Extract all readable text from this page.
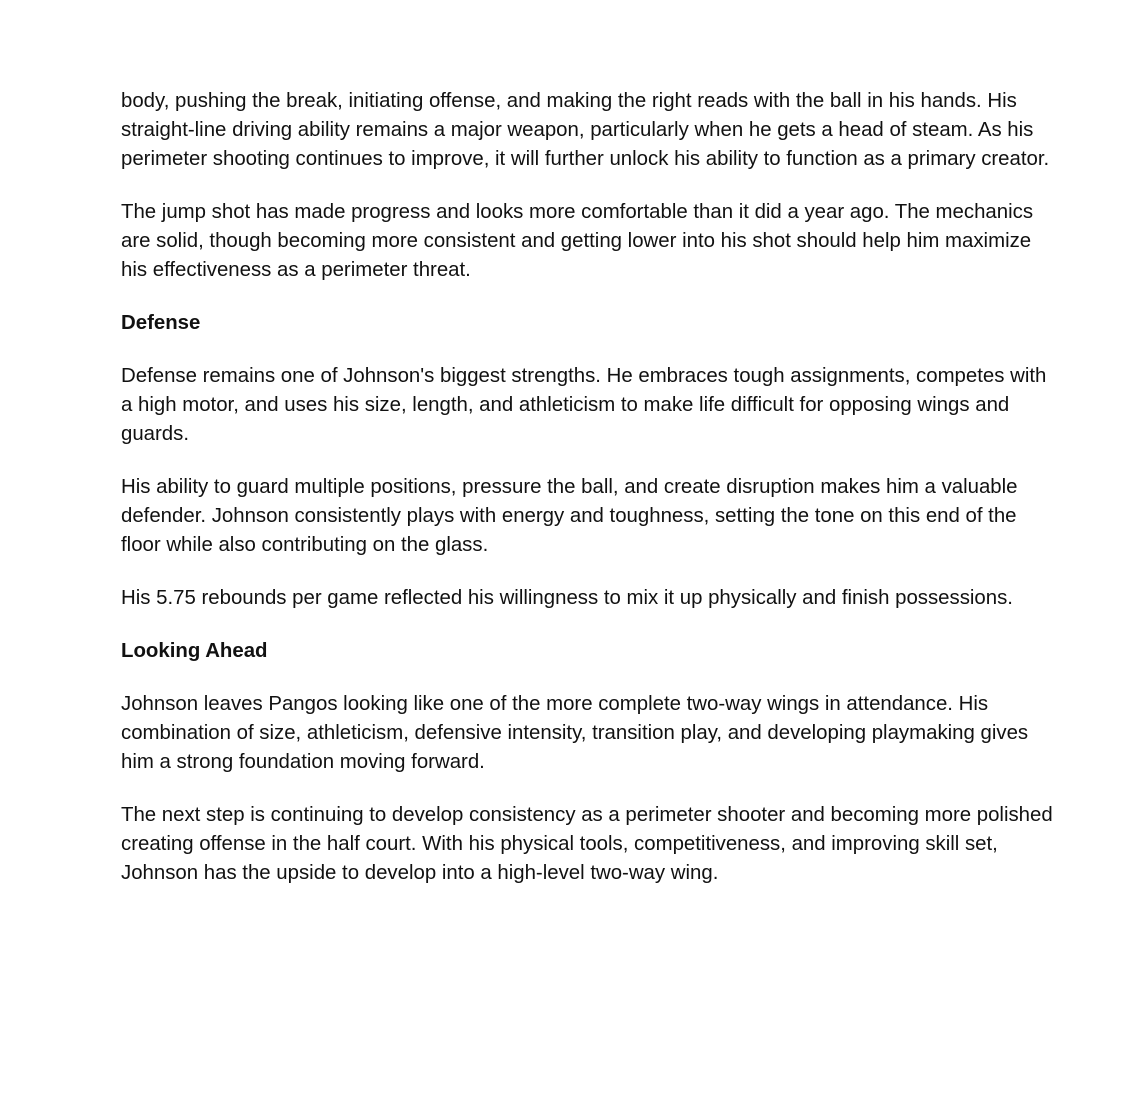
body, pushing the break, initiating offense, and making the right reads with the ball in his hands. His straight-line driving ability remains a major weapon, particularly when he gets a head of steam. As his perimeter shooting continues to improve, it will further unlock his ability to function as a primary creator.

The jump shot has made progress and looks more comfortable than it did a year ago. The mechanics are solid, though becoming more consistent and getting lower into his shot should help him maximize his effectiveness as a perimeter threat.

Defense

Defense remains one of Johnson's biggest strengths. He embraces tough assignments, competes with a high motor, and uses his size, length, and athleticism to make life difficult for opposing wings and guards.

His ability to guard multiple positions, pressure the ball, and create disruption makes him a valuable defender. Johnson consistently plays with energy and toughness, setting the tone on this end of the floor while also contributing on the glass.

His 5.75 rebounds per game reflected his willingness to mix it up physically and finish possessions.

Looking Ahead

Johnson leaves Pangos looking like one of the more complete two-way wings in attendance. His combination of size, athleticism, defensive intensity, transition play, and developing playmaking gives him a strong foundation moving forward.

The next step is continuing to develop consistency as a perimeter shooter and becoming more polished creating offense in the half court. With his physical tools, competitiveness, and improving skill set, Johnson has the upside to develop into a high-level two-way wing.
